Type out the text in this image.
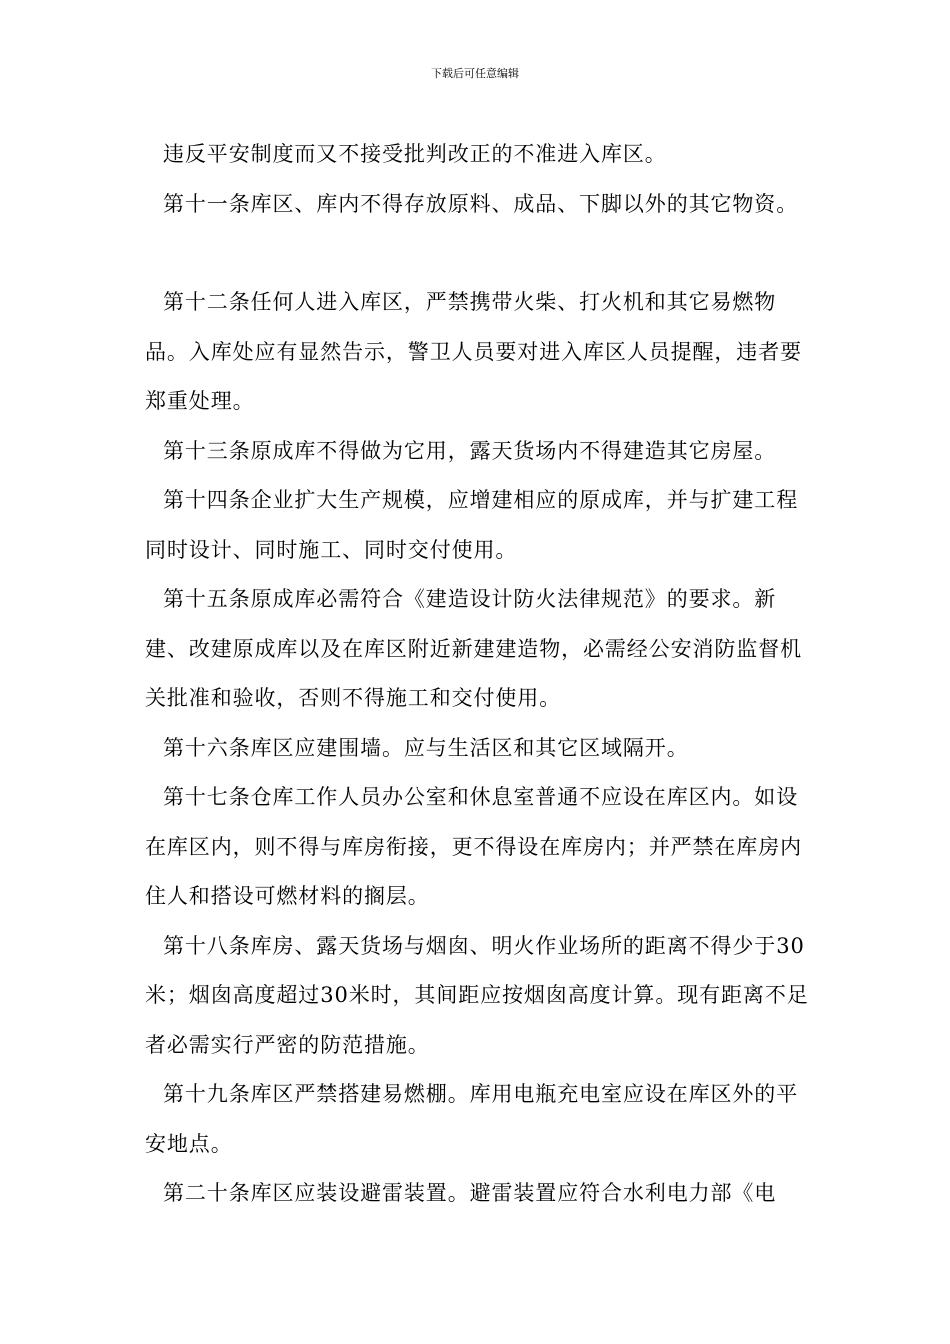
下载后可任意编辑

违反平安制度而又不接受批判改正的不准进入库区。

第十一条库区、库内不得存放原料、成品、下脚以外的其它物资。

第十二条任何人进入库区，严禁携带火柴、打火机和其它易燃物品。入库处应有显然告示，警卫人员要对进入库区人员提醒，违者要郑重处理。

第十三条原成库不得做为它用，露天货场内不得建造其它房屋。

第十四条企业扩大生产规模，应增建相应的原成库，并与扩建工程同时设计、同时施工、同时交付使用。

第十五条原成库必需符合《建造设计防火法律规范》的要求。新建、改建原成库以及在库区附近新建建造物，必需经公安消防监督机关批准和验收，否则不得施工和交付使用。

第十六条库区应建围墙。应与生活区和其它区域隔开。

第十七条仓库工作人员办公室和休息室普通不应设在库区内。如设在库区内，则不得与库房衔接，更不得设在库房内；并严禁在库房内住人和搭设可燃材料的搁层。

第十八条库房、露天货场与烟囱、明火作业场所的距离不得少于30米；烟囱高度超过30米时，其间距应按烟囱高度计算。现有距离不足者必需实行严密的防范措施。

第十九条库区严禁搭建易燃棚。库用电瓶充电室应设在库区外的平安地点。

第二十条库区应装设避雷装置。避雷装置应符合水利电力部《电
